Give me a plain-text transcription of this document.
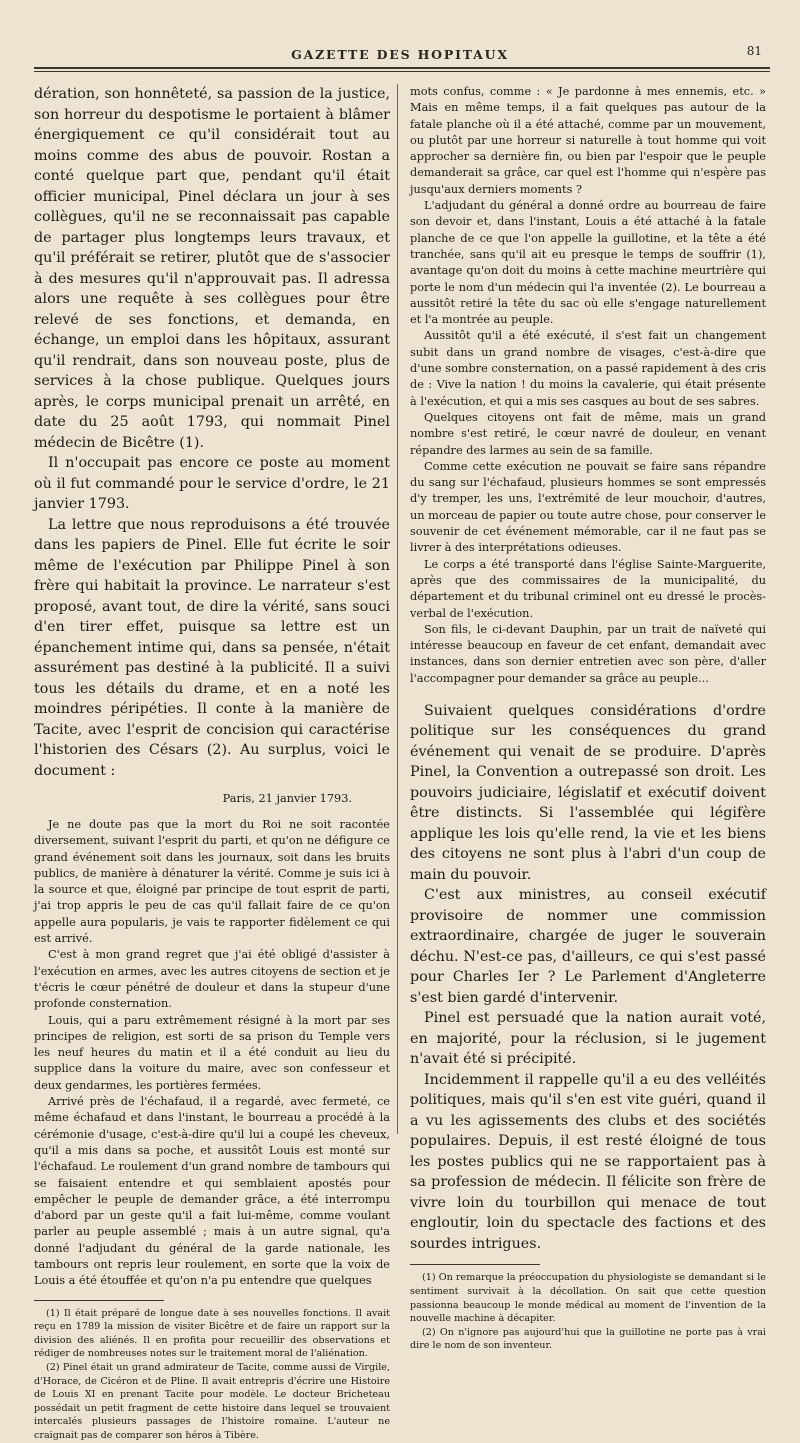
GAZETTE DES HOPITAUX	81

dération, son honnêteté, sa passion de la justice, son horreur du despotisme le portaient à blâmer énergiquement ce qu'il considérait tout au moins comme des abus de pouvoir. Rostan a conté quelque part que, pendant qu'il était officier municipal, Pinel déclara un jour à ses collègues, qu'il ne se reconnaissait pas capable de partager plus longtemps leurs travaux, et qu'il préférait se retirer, plutôt que de s'associer à des mesures qu'il n'approuvait pas. Il adressa alors une requête à ses collègues pour être relevé de ses fonctions, et demanda, en échange, un emploi dans les hôpitaux, assurant qu'il rendrait, dans son nouveau poste, plus de services à la chose publique. Quelques jours après, le corps municipal prenait un arrêté, en date du 25 août 1793, qui nommait Pinel médecin de Bicêtre (1).

Il n'occupait pas encore ce poste au moment où il fut commandé pour le service d'ordre, le 21 janvier 1793.

La lettre que nous reproduisons a été trouvée dans les papiers de Pinel. Elle fut écrite le soir même de l'exécution par Philippe Pinel à son frère qui habitait la province. Le narrateur s'est proposé, avant tout, de dire la vérité, sans souci d'en tirer effet, puisque sa lettre est un épanchement intime qui, dans sa pensée, n'était assurément pas destiné à la publicité. Il a suivi tous les détails du drame, et en a noté les moindres péripéties. Il conte à la manière de Tacite, avec l'esprit de concision qui caractérise l'historien des Césars (2). Au surplus, voici le document :

Paris, 21 janvier 1793.

Je ne doute pas que la mort du Roi ne soit racontée diversement, suivant l'esprit du parti, et qu'on ne défigure ce grand événement soit dans les journaux, soit dans les bruits publics, de manière à dénaturer la vérité. Comme je suis ici à la source et que, éloigné par principe de tout esprit de parti, j'ai trop appris le peu de cas qu'il fallait faire de ce qu'on appelle aura popularis, je vais te rapporter fidèlement ce qui est arrivé.

C'est à mon grand regret que j'ai été obligé d'assister à l'exécution en armes, avec les autres citoyens de section et je t'écris le cœur pénétré de douleur et dans la stupeur d'une profonde consternation.

Louis, qui a paru extrêmement résigné à la mort par ses principes de religion, est sorti de sa prison du Temple vers les neuf heures du matin et il a été conduit au lieu du supplice dans la voiture du maire, avec son confesseur et deux gendarmes, les portières fermées.

Arrivé près de l'échafaud, il a regardé, avec fermeté, ce même échafaud et dans l'instant, le bourreau a procédé à la cérémonie d'usage, c'est-à-dire qu'il lui a coupé les cheveux, qu'il a mis dans sa poche, et aussitôt Louis est monté sur l'échafaud. Le roulement d'un grand nombre de tambours qui se faisaient entendre et qui semblaient apostés pour empêcher le peuple de demander grâce, a été interrompu d'abord par un geste qu'il a fait lui-même, comme voulant parler au peuple assemblé ; mais à un autre signal, qu'a donné l'adjudant du général de la garde nationale, les tambours ont repris leur roulement, en sorte que la voix de Louis a été étouffée et qu'on n'a pu entendre que quelques

(1) Il était préparé de longue date à ses nouvelles fonctions. Il avait reçu en 1789 la mission de visiter Bicêtre et de faire un rapport sur la division des aliénés. Il en profita pour recueillir des observations et rédiger de nombreuses notes sur le traitement moral de l'aliénation.

(2) Pinel était un grand admirateur de Tacite, comme aussi de Virgile, d'Horace, de Cicéron et de Pline. Il avait entrepris d'écrire une Histoire de Louis XI en prenant Tacite pour modèle. Le docteur Bricheteau possédait un petit fragment de cette histoire dans lequel se trouvaient intercalés plusieurs passages de l'histoire romaine. L'auteur ne craignait pas de comparer son héros à Tibère.

mots confus, comme : « Je pardonne à mes ennemis, etc. » Mais en même temps, il a fait quelques pas autour de la fatale planche où il a été attaché, comme par un mouvement, ou plutôt par une horreur si naturelle à tout homme qui voit approcher sa dernière fin, ou bien par l'espoir que le peuple demanderait sa grâce, car quel est l'homme qui n'espère pas jusqu'aux derniers moments ?

L'adjudant du général a donné ordre au bourreau de faire son devoir et, dans l'instant, Louis a été attaché à la fatale planche de ce que l'on appelle la guillotine, et la tête a été tranchée, sans qu'il ait eu presque le temps de souffrir (1), avantage qu'on doit du moins à cette machine meurtrière qui porte le nom d'un médecin qui l'a inventée (2). Le bourreau a aussitôt retiré la tête du sac où elle s'engage naturellement et l'a montrée au peuple.

Aussitôt qu'il a été exécuté, il s'est fait un changement subit dans un grand nombre de visages, c'est-à-dire que d'une sombre consternation, on a passé rapidement à des cris de : Vive la nation ! du moins la cavalerie, qui était présente à l'exécution, et qui a mis ses casques au bout de ses sabres.

Quelques citoyens ont fait de même, mais un grand nombre s'est retiré, le cœur navré de douleur, en venant répandre des larmes au sein de sa famille.

Comme cette exécution ne pouvait se faire sans répandre du sang sur l'échafaud, plusieurs hommes se sont empressés d'y tremper, les uns, l'extrémité de leur mouchoir, d'autres, un morceau de papier ou toute autre chose, pour conserver le souvenir de cet événement mémorable, car il ne faut pas se livrer à des interprétations odieuses.

Le corps a été transporté dans l'église Sainte-Marguerite, après que des commissaires de la municipalité, du département et du tribunal criminel ont eu dressé le procès-verbal de l'exécution.

Son fils, le ci-devant Dauphin, par un trait de naïveté qui intéresse beaucoup en faveur de cet enfant, demandait avec instances, dans son dernier entretien avec son père, d'aller l'accompagner pour demander sa grâce au peuple...

Suivaient quelques considérations d'ordre politique sur les conséquences du grand événement qui venait de se produire. D'après Pinel, la Convention a outrepassé son droit. Les pouvoirs judiciaire, législatif et exécutif doivent être distincts. Si l'assemblée qui légifère applique les lois qu'elle rend, la vie et les biens des citoyens ne sont plus à l'abri d'un coup de main du pouvoir.

C'est aux ministres, au conseil exécutif provisoire de nommer une commission extraordinaire, chargée de juger le souverain déchu. N'est-ce pas, d'ailleurs, ce qui s'est passé pour Charles Ier ? Le Parlement d'Angleterre s'est bien gardé d'intervenir.

Pinel est persuadé que la nation aurait voté, en majorité, pour la réclusion, si le jugement n'avait été si précipité.

Incidemment il rappelle qu'il a eu des velléités politiques, mais qu'il s'en est vite guéri, quand il a vu les agissements des clubs et des sociétés populaires. Depuis, il est resté éloigné de tous les postes publics qui ne se rapportaient pas à sa profession de médecin. Il félicite son frère de vivre loin du tourbillon qui menace de tout engloutir, loin du spectacle des factions et des sourdes intrigues.

(1) On remarque la préoccupation du physiologiste se demandant si le sentiment survivait à la décollation. On sait que cette question passionna beaucoup le monde médical au moment de l'invention de la nouvelle machine à décapiter.

(2) On n'ignore pas aujourd'hui que la guillotine ne porte pas à vrai dire le nom de son inventeur.
